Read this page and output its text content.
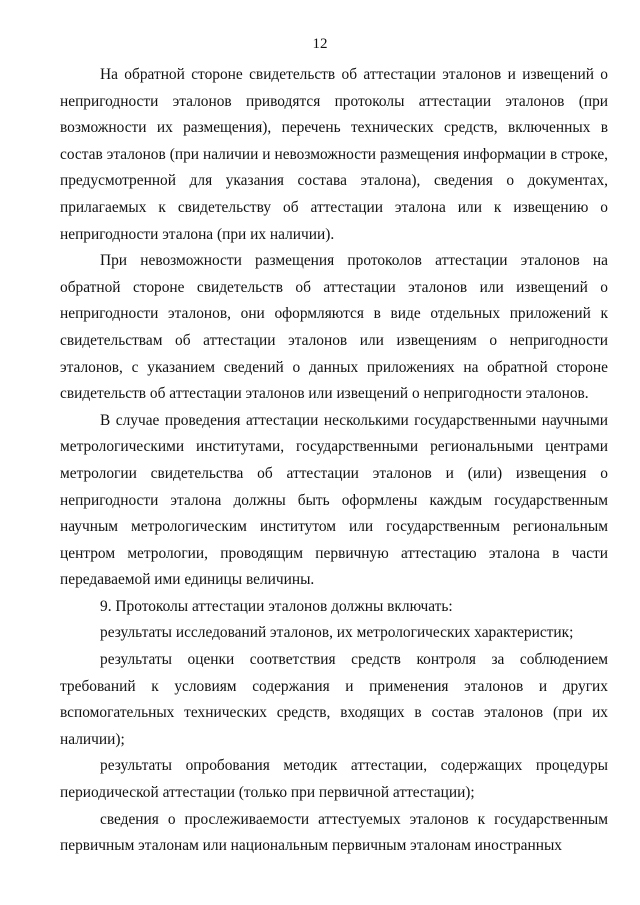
12

На обратной стороне свидетельств об аттестации эталонов и извещений о непригодности эталонов приводятся протоколы аттестации эталонов (при возможности их размещения), перечень технических средств, включенных в состав эталонов (при наличии и невозможности размещения информации в строке, предусмотренной для указания состава эталона), сведения о документах, прилагаемых к свидетельству об аттестации эталона или к извещению о непригодности эталона (при их наличии).

При невозможности размещения протоколов аттестации эталонов на обратной стороне свидетельств об аттестации эталонов или извещений о непригодности эталонов, они оформляются в виде отдельных приложений к свидетельствам об аттестации эталонов или извещениям о непригодности эталонов, с указанием сведений о данных приложениях на обратной стороне свидетельств об аттестации эталонов или извещений о непригодности эталонов.

В случае проведения аттестации несколькими государственными научными метрологическими институтами, государственными региональными центрами метрологии свидетельства об аттестации эталонов и (или) извещения о непригодности эталона должны быть оформлены каждым государственным научным метрологическим институтом или государственным региональным центром метрологии, проводящим первичную аттестацию эталона в части передаваемой ими единицы величины.

9. Протоколы аттестации эталонов должны включать:

результаты исследований эталонов, их метрологических характеристик;

результаты оценки соответствия средств контроля за соблюдением требований к условиям содержания и применения эталонов и других вспомогательных технических средств, входящих в состав эталонов (при их наличии);

результаты опробования методик аттестации, содержащих процедуры периодической аттестации (только при первичной аттестации);

сведения о прослеживаемости аттестуемых эталонов к государственным первичным эталонам или национальным первичным эталонам иностранных
